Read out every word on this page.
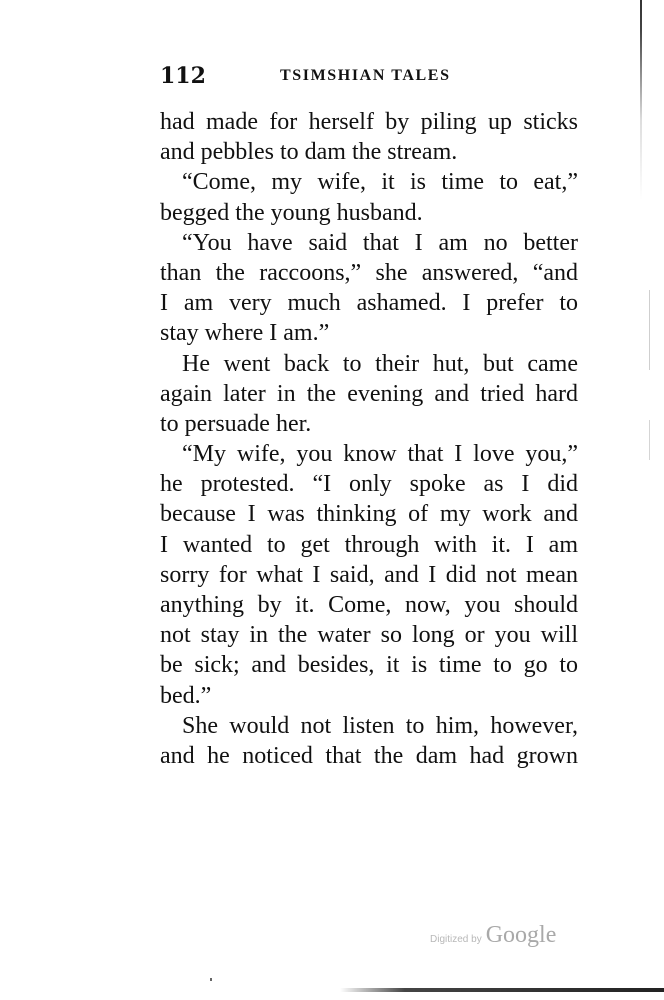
112	TSIMSHIAN TALES
had made for herself by piling up sticks
and pebbles to dam the stream.
“Come, my wife, it is time to eat,”
begged the young husband.
“You have said that I am no better
than the raccoons,” she answered, “and
I am very much ashamed. I prefer to
stay where I am.”
He went back to their hut, but came
again later in the evening and tried hard
to persuade her.
“My wife, you know that I love you,”
he protested. “I only spoke as I did
because I was thinking of my work and
I wanted to get through with it. I am
sorry for what I said, and I did not mean
anything by it. Come, now, you should
not stay in the water so long or you will
be sick; and besides, it is time to go to
bed.”
She would not listen to him, however,
and he noticed that the dam had grown
Digitized by Google
